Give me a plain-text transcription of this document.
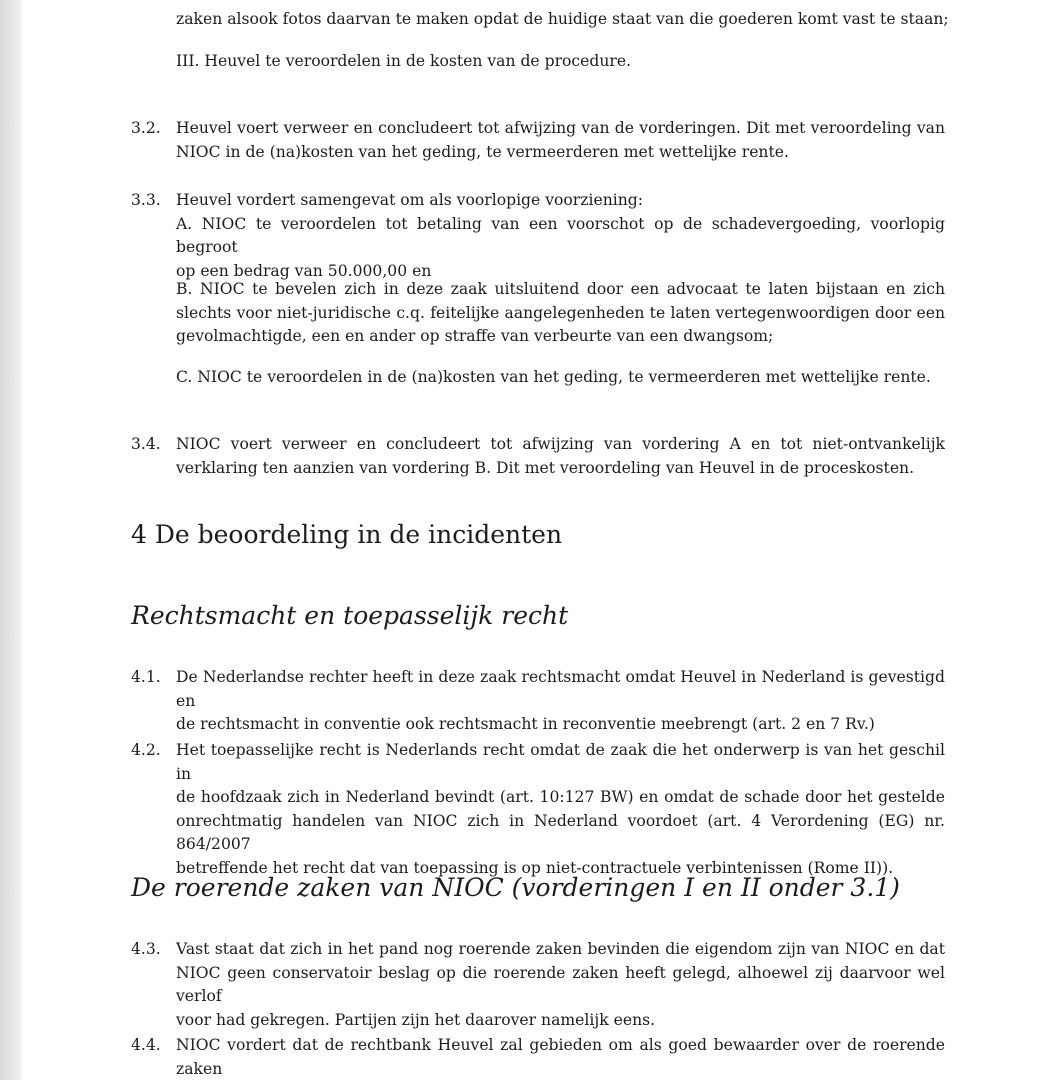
zaken alsook fotos daarvan te maken opdat de huidige staat van die goederen komt vast te staan;
III. Heuvel te veroordelen in de kosten van de procedure.
3.2. Heuvel voert verweer en concludeert tot afwijzing van de vorderingen. Dit met veroordeling van
NIOC in de (na)kosten van het geding, te vermeerderen met wettelijke rente.
3.3. Heuvel vordert samengevat om als voorlopige voorziening:
A. NIOC te veroordelen tot betaling van een voorschot op de schadevergoeding, voorlopig begroot
op een bedrag van 50.000,00 en
B. NIOC te bevelen zich in deze zaak uitsluitend door een advocaat te laten bijstaan en zich
slechts voor niet-juridische c.q. feitelijke aangelegenheden te laten vertegenwoordigen door een
gevolmachtigde, een en ander op straffe van verbeurte van een dwangsom;
C. NIOC te veroordelen in de (na)kosten van het geding, te vermeerderen met wettelijke rente.
3.4. NIOC voert verweer en concludeert tot afwijzing van vordering A en tot niet-ontvankelijk
verklaring ten aanzien van vordering B. Dit met veroordeling van Heuvel in de proceskosten.
4 De beoordeling in de incidenten
Rechtsmacht en toepasselijk recht
4.1. De Nederlandse rechter heeft in deze zaak rechtsmacht omdat Heuvel in Nederland is gevestigd en
de rechtsmacht in conventie ook rechtsmacht in reconventie meebrengt (art. 2 en 7 Rv.)
4.2. Het toepasselijke recht is Nederlands recht omdat de zaak die het onderwerp is van het geschil in
de hoofdzaak zich in Nederland bevindt (art. 10:127 BW) en omdat de schade door het gestelde
onrechtmatig handelen van NIOC zich in Nederland voordoet (art. 4 Verordening (EG) nr. 864/2007
betreffende het recht dat van toepassing is op niet-contractuele verbintenissen (Rome II)).
De roerende zaken van NIOC (vorderingen I en II onder 3.1)
4.3. Vast staat dat zich in het pand nog roerende zaken bevinden die eigendom zijn van NIOC en dat
NIOC geen conservatoir beslag op die roerende zaken heeft gelegd, alhoewel zij daarvoor wel verlof
voor had gekregen. Partijen zijn het daarover namelijk eens.
4.4. NIOC vordert dat de rechtbank Heuvel zal gebieden om als goed bewaarder over de roerende zaken
